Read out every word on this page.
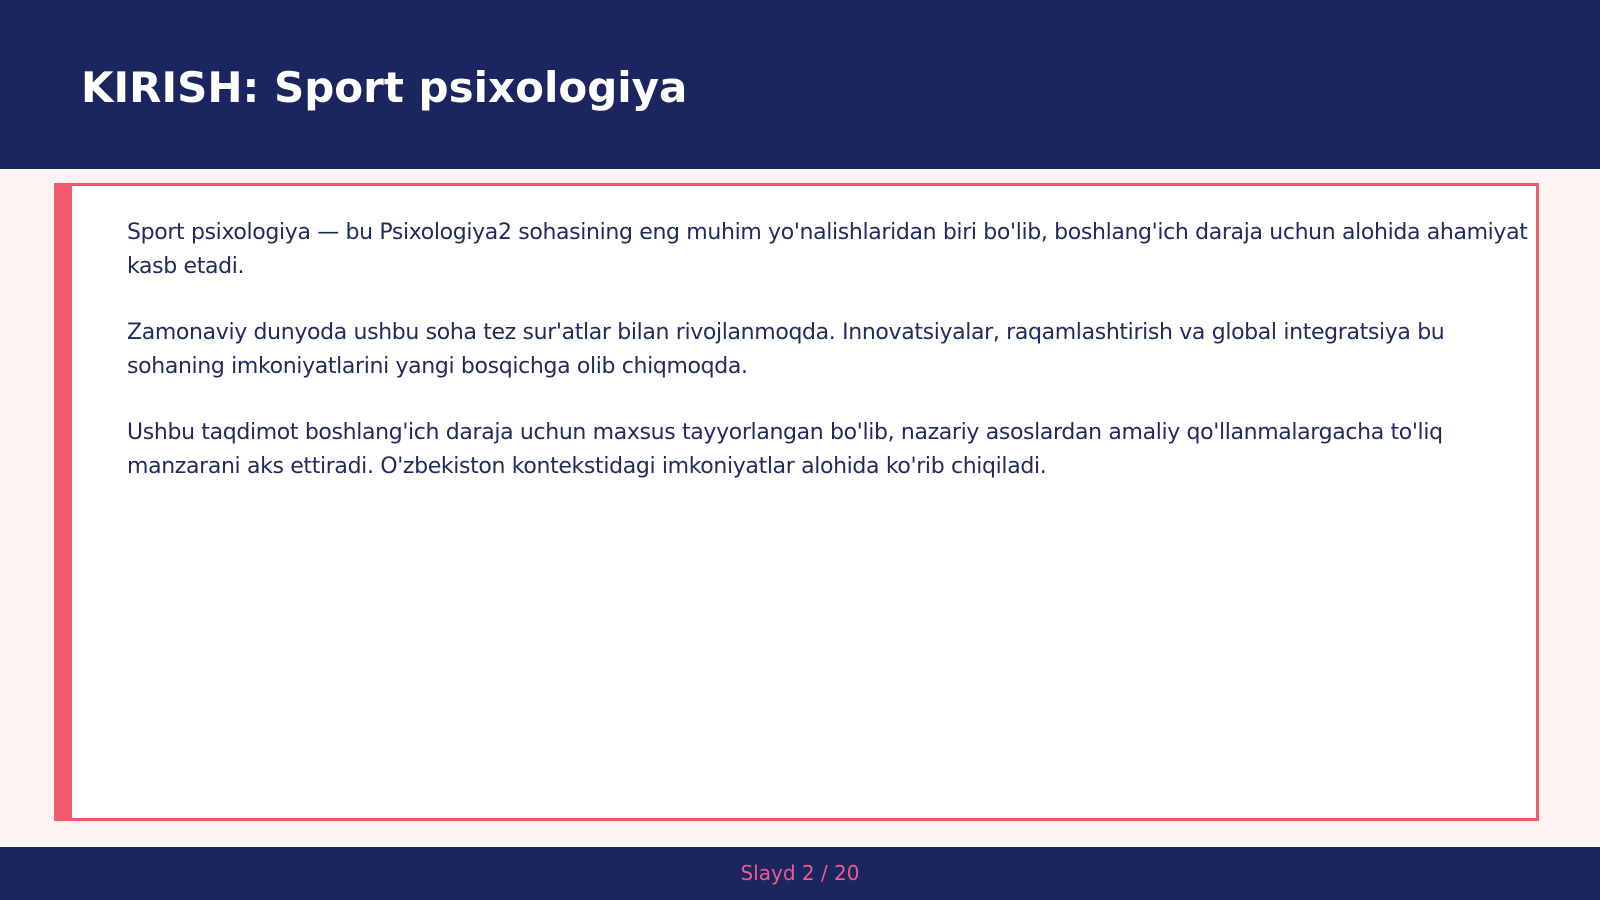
KIRISH: Sport psixologiya

Sport psixologiya — bu Psixologiya2 sohasining eng muhim yo'nalishlaridan biri bo'lib, boshlang'ich daraja uchun alohida ahamiyat kasb etadi.

Zamonaviy dunyoda ushbu soha tez sur'atlar bilan rivojlanmoqda. Innovatsiyalar, raqamlashtirish va global integratsiya bu sohaning imkoniyatlarini yangi bosqichga olib chiqmoqda.

Ushbu taqdimot boshlang'ich daraja uchun maxsus tayyorlangan bo'lib, nazariy asoslardan amaliy qo'llanmalargacha to'liq manzarani aks ettiradi. O'zbekiston kontekstidagi imkoniyatlar alohida ko'rib chiqiladi.

Slayd 2 / 20
